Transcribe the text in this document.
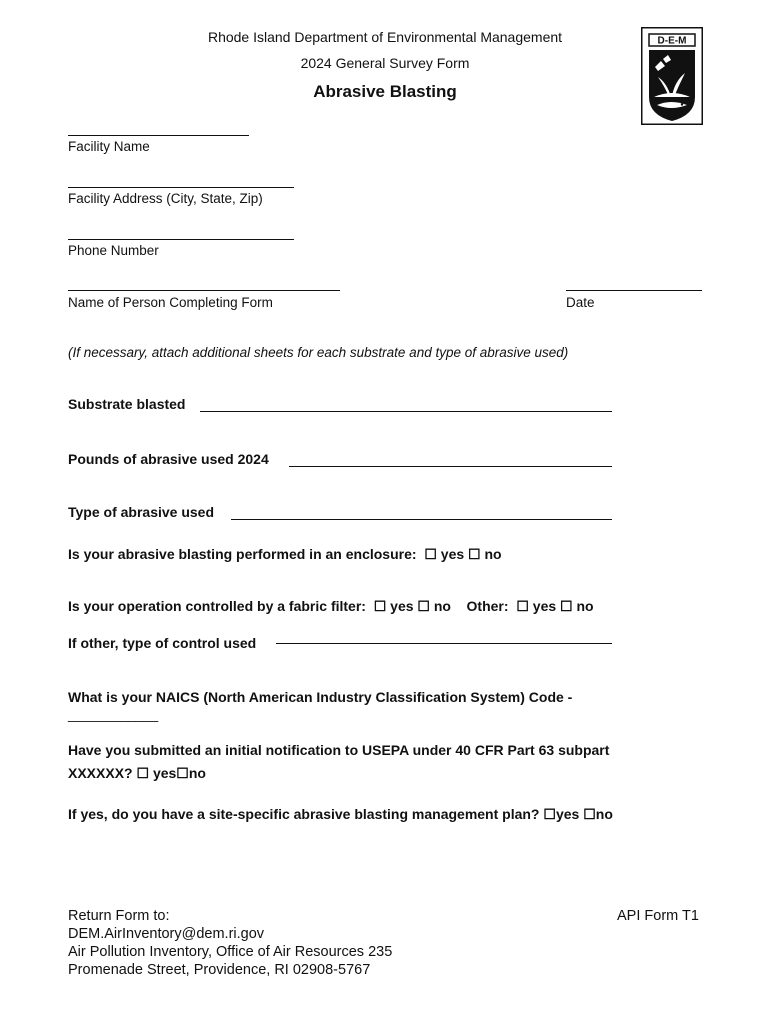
Rhode Island Department of Environmental Management
2024 General Survey Form
Abrasive Blasting
D-E-M
Facility Name
Facility Address (City, State, Zip)
Phone Number
Name of Person Completing Form	Date
(If necessary, attach additional sheets for each substrate and type of abrasive used)
Substrate blasted
Pounds of abrasive used 2024
Type of abrasive used
Is your abrasive blasting performed in an enclosure: ☐ yes ☐ no
Is your operation controlled by a fabric filter: ☐ yes ☐ no Other: ☐ yes ☐ no
If other, type of control used
What is your NAICS (North American Industry Classification System) Code -
____________
Have you submitted an initial notification to USEPA under 40 CFR Part 63 subpart
XXXXXX? ☐ yes☐no
If yes, do you have a site-specific abrasive blasting management plan? ☐yes ☐no
Return Form to:
DEM.AirInventory@dem.ri.gov
Air Pollution Inventory, Office of Air Resources 235
Promenade Street, Providence, RI 02908-5767
API Form T1
